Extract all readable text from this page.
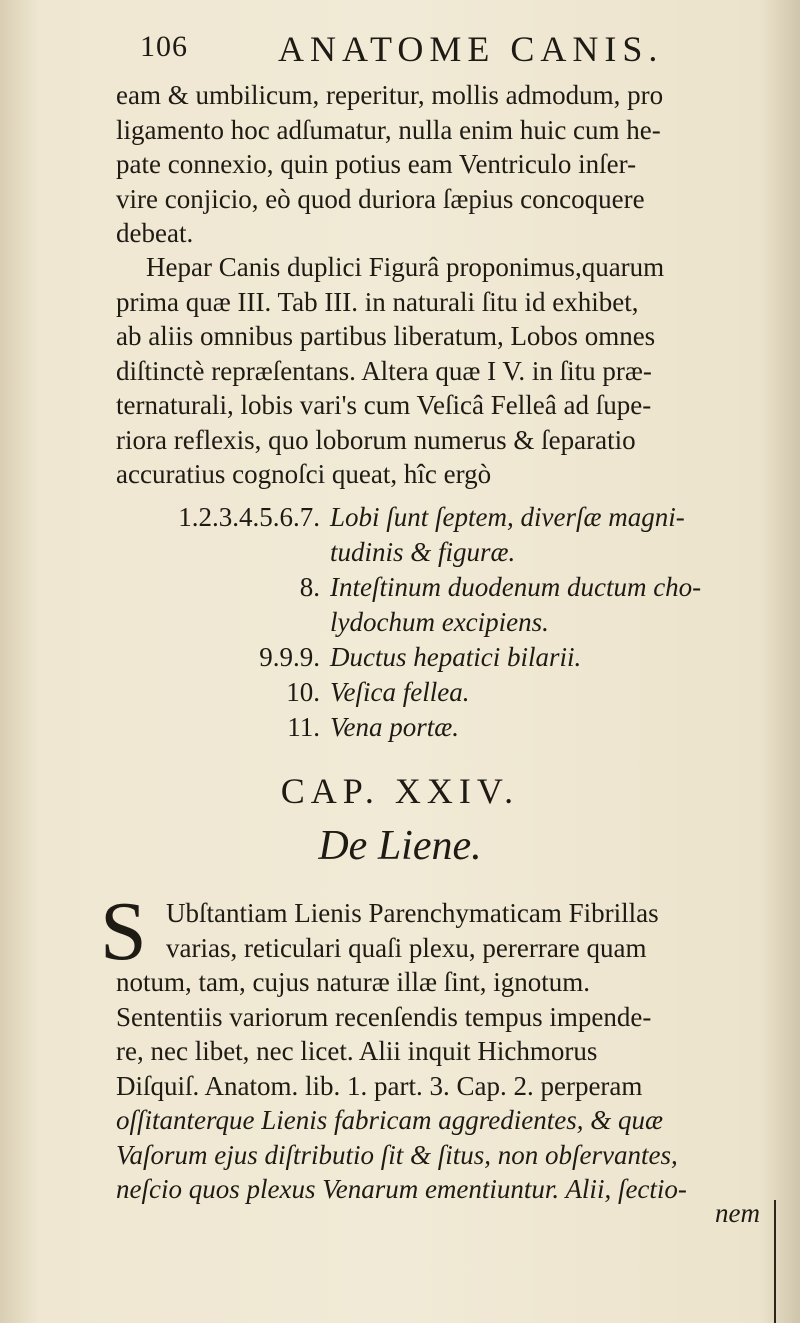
106	ANATOME CANIS.
eam & umbilicum, reperitur, mollis admodum, pro
ligamento hoc adſumatur, nulla enim huic cum he-
pate connexio, quin potius eam Ventriculo inſer-
vire conjicio, eò quod duriora ſæpius concoquere
debeat.
Hepar Canis duplici Figurâ proponimus,quarum
prima quæ III. Tab III. in naturali ſitu id exhibet,
ab aliis omnibus partibus liberatum, Lobos omnes
diſtinctè repræſentans. Altera quæ I V. in ſitu præ-
ternaturali, lobis vari's cum Veſicâ Felleâ ad ſupe-
riora reflexis, quo loborum numerus & ſeparatio
accuratius cognoſci queat, hîc ergò
1.2.3.4.5.6.7. Lobi ſunt ſeptem, diverſæ magni-
tudinis & figuræ.
8. Inteſtinum duodenum ductum cho-
lydochum excipiens.
9.9.9. Ductus hepatici bilarii.
10. Veſica fellea.
11. Vena portæ.
CAP. XXIV.
De Liene.
S Ubſtantiam Lienis Parenchymaticam Fibrillas
varias, reticulari quaſi plexu, pererrare quam
notum, tam, cujus naturæ illæ ſint, ignotum.
Sententiis variorum recenſendis tempus impende-
re, nec libet, nec licet. Alii inquit Hichmorus
Diſquiſ. Anatom. lib. 1. part. 3. Cap. 2. perperam
oſſitanterque Lienis fabricam aggredientes, & quæ
Vaſorum ejus diſtributio ſit & ſitus, non obſervantes,
neſcio quos plexus Venarum ementiuntur. Alii, ſectio-
nem
